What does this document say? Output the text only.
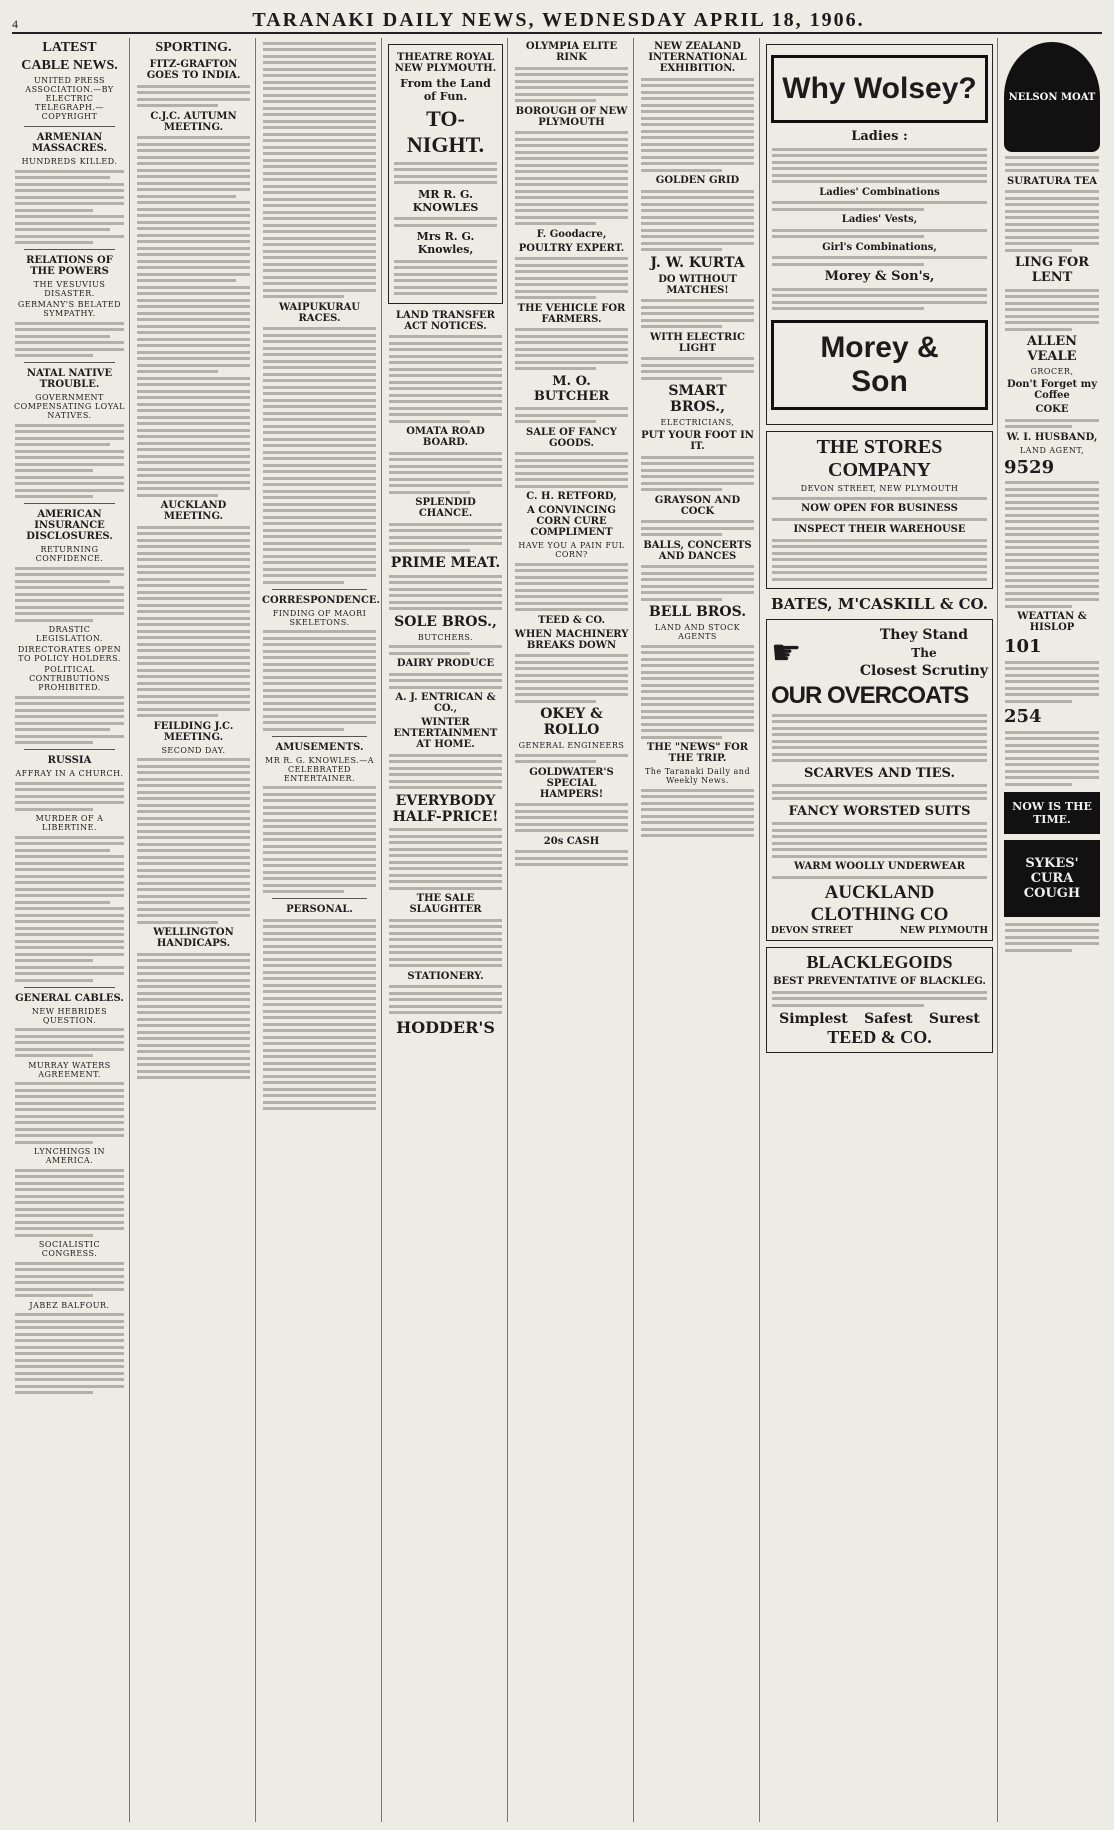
4	TARANAKI DAILY NEWS, WEDNESDAY APRIL 18, 1906.

LATEST
CABLE NEWS.
UNITED PRESS ASSOCIATION.—BY ELECTRIC TELEGRAPH.—COPYRIGHT
ARMENIAN MASSACRES.
HUNDREDS KILLED.
RELATIONS OF THE POWERS
THE VESUVIUS DISASTER.
GERMANY'S BELATED SYMPATHY.
NATAL NATIVE TROUBLE.
GOVERNMENT COMPENSATING LOYAL NATIVES.
AMERICAN INSURANCE DISCLOSURES.
RETURNING CONFIDENCE.
DRASTIC LEGISLATION.
DIRECTORATES OPEN TO POLICY HOLDERS.
POLITICAL CONTRIBUTIONS PROHIBITED.
RUSSIA
AFFRAY IN A CHURCH.
MURDER OF A LIBERTINE.
GENERAL CABLES.
NEW HEBRIDES QUESTION.
MURRAY WATERS AGREEMENT.
LYNCHINGS IN AMERICA.
SOCIALISTIC CONGRESS.
JABEZ BALFOUR.
SPORTING.
FITZ-GRAFTON GOES TO INDIA.
C.J.C. AUTUMN MEETING.
AUCKLAND MEETING.
FEILDING J.C. MEETING.
SECOND DAY.
WELLINGTON HANDICAPS.
WAIPUKURAU RACES.
CORRESPONDENCE.
FINDING OF MAORI SKELETONS.
AMUSEMENTS.
MR R. G. KNOWLES.—A CELEBRATED ENTERTAINER.
PERSONAL.
THEATRE ROYAL NEW PLYMOUTH.
From the Land of Fun.
TO-NIGHT.
MR R. G. KNOWLES
Mrs R. G. Knowles,
LAND TRANSFER ACT NOTICES.
OMATA ROAD BOARD.
SPLENDID CHANCE.
PRIME MEAT.
SOLE BROS.,
BUTCHERS.
DAIRY PRODUCE
A. J. ENTRICAN & CO.,
WINTER ENTERTAINMENT AT HOME.
EVERYBODY HALF-PRICE!
THE SALE SLAUGHTER
STATIONERY.
HODDER'S
OLYMPIA ELITE RINK
BOROUGH OF NEW PLYMOUTH
F. Goodacre,
POULTRY EXPERT.
THE VEHICLE FOR FARMERS.
M. O. BUTCHER
SALE OF FANCY GOODS.
C. H. RETFORD,
A CONVINCING CORN CURE COMPLIMENT
HAVE YOU A PAIN FUL CORN?
TEED & CO.
WHEN MACHINERY BREAKS DOWN
OKEY & ROLLO
GENERAL ENGINEERS
GOLDWATER'S SPECIAL HAMPERS!
20s CASH
NEW ZEALAND INTERNATIONAL EXHIBITION.
GOLDEN GRID
J. W. KURTA
DO WITHOUT MATCHES!
WITH ELECTRIC LIGHT
SMART BROS.,
ELECTRICIANS,
PUT YOUR FOOT IN IT.
GRAYSON AND COCK
BALLS, CONCERTS AND DANCES
BELL BROS.
LAND AND STOCK AGENTS
THE "NEWS" FOR THE TRIP.
The Taranaki Daily and Weekly News.
Why Wolsey?
Ladies :
Ladies' Combinations
Ladies' Vests,
Girl's Combinations,
Morey & Son's,
Morey & Son
THE STORES COMPANY
DEVON STREET, NEW PLYMOUTH
NOW OPEN FOR BUSINESS
INSPECT THEIR WAREHOUSE
BATES, M'CASKILL & CO.
☛	They Stand
The
Closest Scrutiny
OUR OVERCOATS
SCARVES AND TIES.
FANCY WORSTED SUITS
WARM WOOLLY UNDERWEAR
AUCKLAND CLOTHING CO
DEVON STREET	NEW PLYMOUTH
BLACKLEGOIDS
BEST PREVENTATIVE OF BLACKLEG.
Simplest Safest Surest
TEED & CO.
NELSON MOAT
SURATURA TEA
LING FOR LENT
ALLEN VEALE
GROCER,
Don't Forget my Coffee
COKE
W. I. HUSBAND,
LAND AGENT,
9529
WEATTAN & HISLOP
101
254
NOW IS THE TIME.
SYKES' CURA COUGH
